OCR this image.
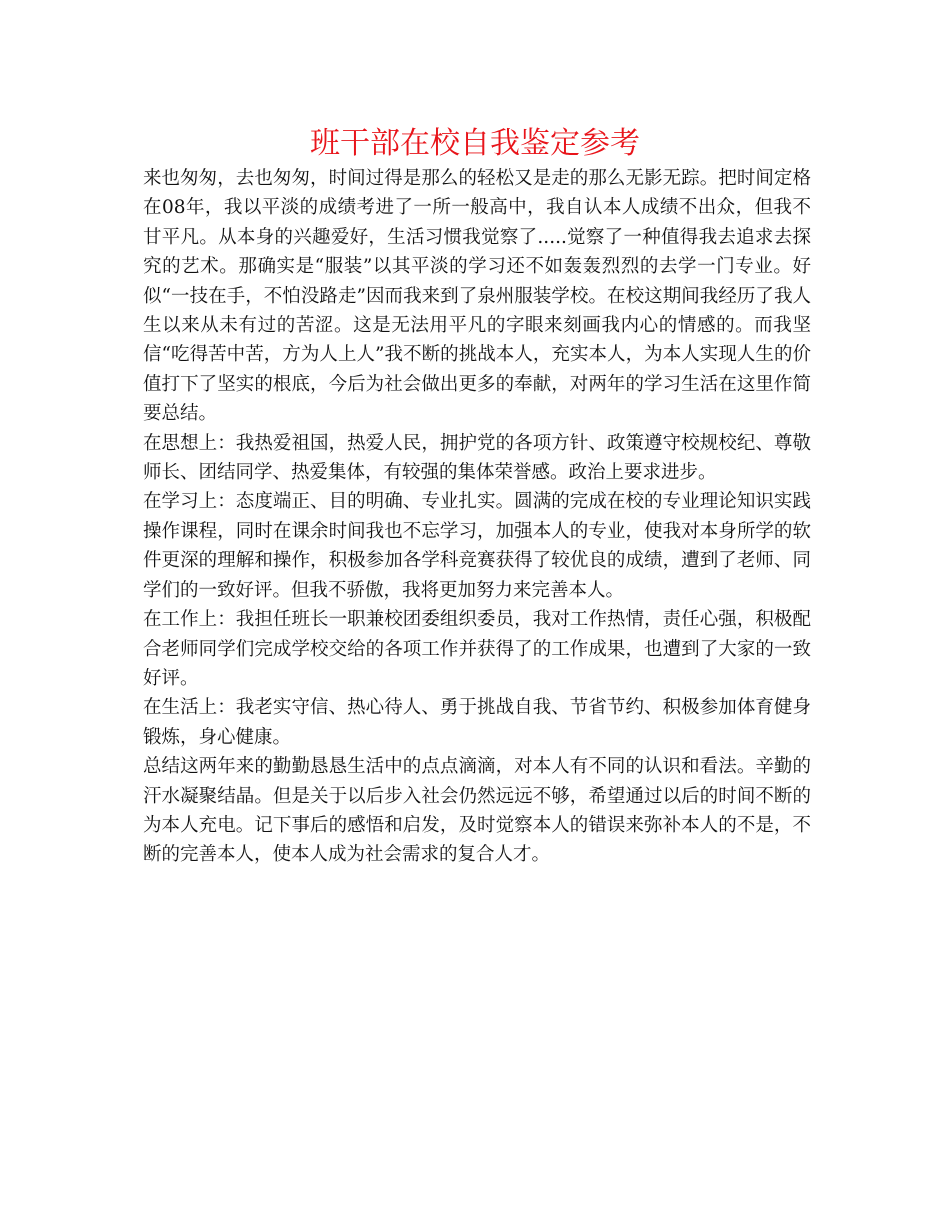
班干部在校自我鉴定参考

来也匆匆，去也匆匆，时间过得是那么的轻松又是走的那么无影无踪。把时间定格在08年，我以平淡的成绩考进了一所一般高中，我自认本人成绩不出众，但我不甘平凡。从本身的兴趣爱好，生活习惯我觉察了.....觉察了一种值得我去追求去探究的艺术。那确实是“服装”以其平淡的学习还不如轰轰烈烈的去学一门专业。好似“一技在手，不怕没路走”因而我来到了泉州服装学校。在校这期间我经历了我人生以来从未有过的苦涩。这是无法用平凡的字眼来刻画我内心的情感的。而我坚信“吃得苦中苦，方为人上人”我不断的挑战本人，充实本人，为本人实现人生的价值打下了坚实的根底，今后为社会做出更多的奉献，对两年的学习生活在这里作简要总结。

在思想上：我热爱祖国，热爱人民，拥护党的各项方针、政策遵守校规校纪、尊敬师长、团结同学、热爱集体，有较强的集体荣誉感。政治上要求进步。

在学习上：态度端正、目的明确、专业扎实。圆满的完成在校的专业理论知识实践操作课程，同时在课余时间我也不忘学习，加强本人的专业，使我对本身所学的软件更深的理解和操作，积极参加各学科竞赛获得了较优良的成绩，遭到了老师、同学们的一致好评。但我不骄傲，我将更加努力来完善本人。

在工作上：我担任班长一职兼校团委组织委员，我对工作热情，责任心强，积极配合老师同学们完成学校交给的各项工作并获得了的工作成果，也遭到了大家的一致好评。

在生活上：我老实守信、热心待人、勇于挑战自我、节省节约、积极参加体育健身锻炼，身心健康。

总结这两年来的勤勤恳恳生活中的点点滴滴，对本人有不同的认识和看法。辛勤的汗水凝聚结晶。但是关于以后步入社会仍然远远不够，希望通过以后的时间不断的为本人充电。记下事后的感悟和启发，及时觉察本人的错误来弥补本人的不是，不断的完善本人，使本人成为社会需求的复合人才。
